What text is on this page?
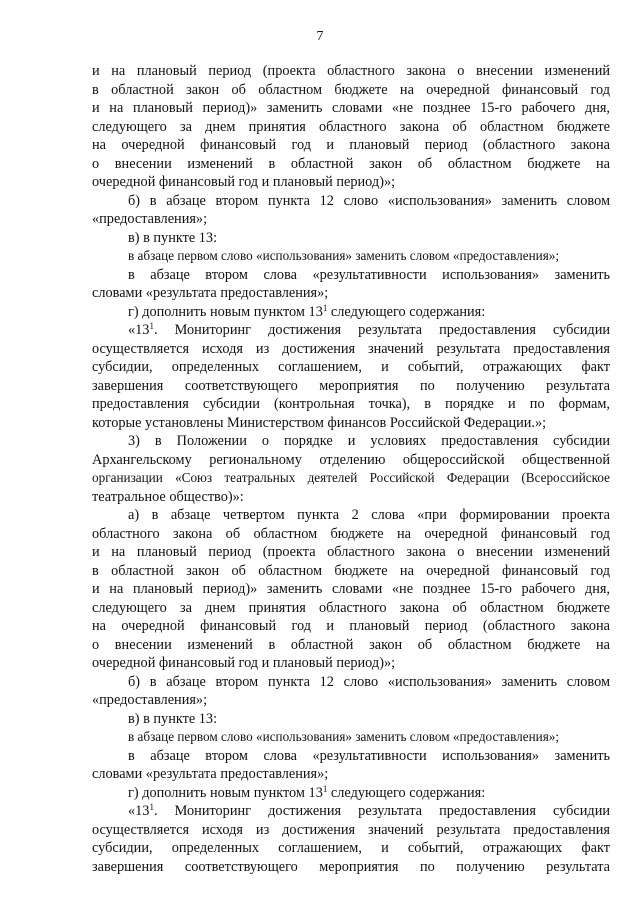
7
и на плановый период (проекта областного закона о внесении изменений
в областной закон об областном бюджете на очередной финансовый год
и на плановый период)» заменить словами «не позднее 15-го рабочего дня,
следующего за днем принятия областного закона об областном бюджете
на очередной финансовый год и плановый период (областного закона
о внесении изменений в областной закон об областном бюджете на
очередной финансовый год и плановый период)»;
б) в абзаце втором пункта 12 слово «использования» заменить словом
«предоставления»;
в) в пункте 13:
в абзаце первом слово «использования» заменить словом «предоставления»;
в абзаце втором слова «результативности использования» заменить
словами «результата предоставления»;
г) дополнить новым пунктом $13^1$ следующего содержания:
«$13^1$. Мониторинг достижения результата предоставления субсидии
осуществляется исходя из достижения значений результата предоставления
субсидии, определенных соглашением, и событий, отражающих факт
завершения соответствующего мероприятия по получению результата
предоставления субсидии (контрольная точка), в порядке и по формам,
которые установлены Министерством финансов Российской Федерации.»;
3) в Положении о порядке и условиях предоставления субсидии
Архангельскому региональному отделению общероссийской общественной
организации «Союз театральных деятелей Российской Федерации (Всероссийское
театральное общество)»:
а) в абзаце четвертом пункта 2 слова «при формировании проекта
областного закона об областном бюджете на очередной финансовый год
и на плановый период (проекта областного закона о внесении изменений
в областной закон об областном бюджете на очередной финансовый год
и на плановый период)» заменить словами «не позднее 15-го рабочего дня,
следующего за днем принятия областного закона об областном бюджете
на очередной финансовый год и плановый период (областного закона
о внесении изменений в областной закон об областном бюджете на
очередной финансовый год и плановый период)»;
б) в абзаце втором пункта 12 слово «использования» заменить словом
«предоставления»;
в) в пункте 13:
в абзаце первом слово «использования» заменить словом «предоставления»;
в абзаце втором слова «результативности использования» заменить
словами «результата предоставления»;
г) дополнить новым пунктом $13^1$ следующего содержания:
«$13^1$. Мониторинг достижения результата предоставления субсидии
осуществляется исходя из достижения значений результата предоставления
субсидии, определенных соглашением, и событий, отражающих факт
завершения соответствующего мероприятия по получению результата
